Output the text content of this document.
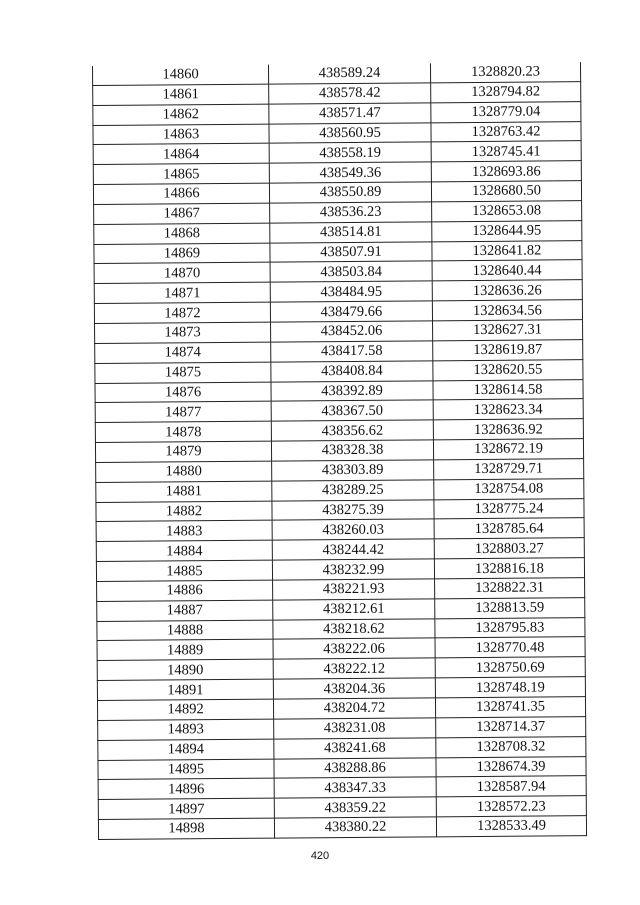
14860	438589.24	1328820.23
14861	438578.42	1328794.82
14862	438571.47	1328779.04
14863	438560.95	1328763.42
14864	438558.19	1328745.41
14865	438549.36	1328693.86
14866	438550.89	1328680.50
14867	438536.23	1328653.08
14868	438514.81	1328644.95
14869	438507.91	1328641.82
14870	438503.84	1328640.44
14871	438484.95	1328636.26
14872	438479.66	1328634.56
14873	438452.06	1328627.31
14874	438417.58	1328619.87
14875	438408.84	1328620.55
14876	438392.89	1328614.58
14877	438367.50	1328623.34
14878	438356.62	1328636.92
14879	438328.38	1328672.19
14880	438303.89	1328729.71
14881	438289.25	1328754.08
14882	438275.39	1328775.24
14883	438260.03	1328785.64
14884	438244.42	1328803.27
14885	438232.99	1328816.18
14886	438221.93	1328822.31
14887	438212.61	1328813.59
14888	438218.62	1328795.83
14889	438222.06	1328770.48
14890	438222.12	1328750.69
14891	438204.36	1328748.19
14892	438204.72	1328741.35
14893	438231.08	1328714.37
14894	438241.68	1328708.32
14895	438288.86	1328674.39
14896	438347.33	1328587.94
14897	438359.22	1328572.23
14898	438380.22	1328533.49
420
